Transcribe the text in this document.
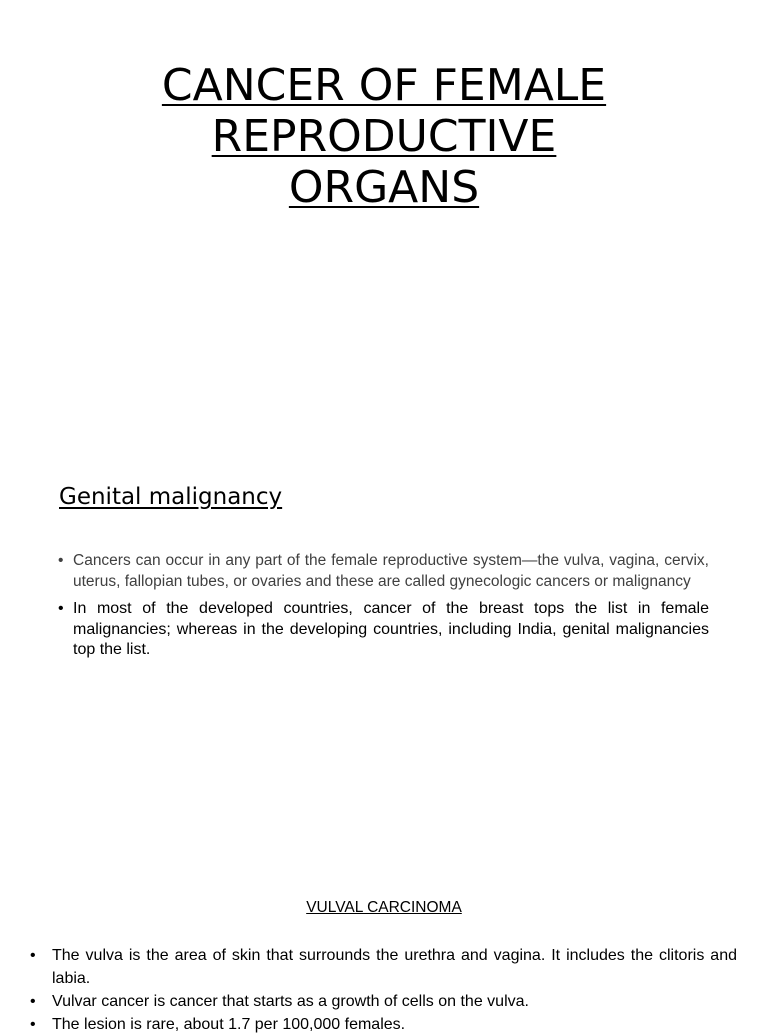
CANCER OF FEMALE
REPRODUCTIVE
ORGANS
Genital malignancy
• Cancers can occur in any part of the female reproductive system—the vulva, vagina, cervix, uterus, fallopian tubes, or ovaries and these are called gynecologic cancers or malignancy
• In most of the developed countries, cancer of the breast tops the list in female malignancies; whereas in the developing countries, including India, genital malignancies top the list.
VULVAL CARCINOMA
• The vulva is the area of skin that surrounds the urethra and vagina. It includes the clitoris and labia.
• Vulvar cancer is cancer that starts as a growth of cells on the vulva.
• The lesion is rare, about 1.7 per 100,000 females.
